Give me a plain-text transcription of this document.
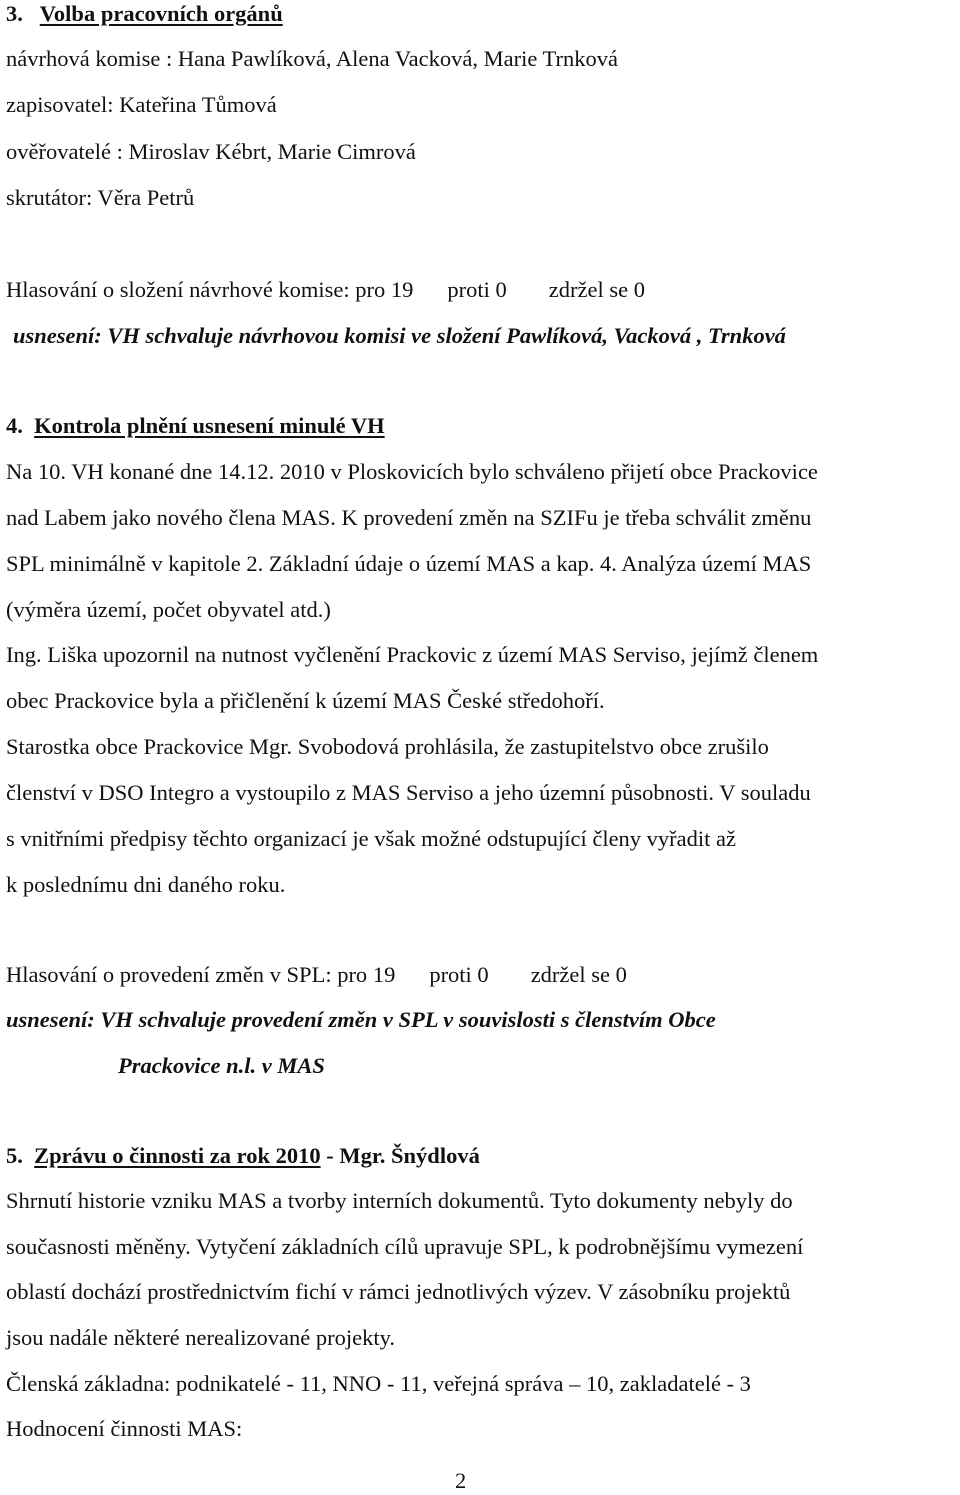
3. Volba pracovních orgánů
návrhová komise : Hana Pawlíková, Alena Vacková, Marie Trnková
zapisovatel: Kateřina Tůmová
ověřovatelé : Miroslav Kébrt, Marie Cimrová
skrutátor: Věra Petrů
Hlasování o složení návrhové komise: pro 19 proti 0 zdržel se 0
usnesení: VH schvaluje návrhovou komisi ve složení Pawlíková, Vacková , Trnková
4. Kontrola plnění usnesení minulé VH
Na 10. VH konané dne 14.12. 2010 v Ploskovicích bylo schváleno přijetí obce Prackovice
nad Labem jako nového člena MAS. K provedení změn na SZIFu je třeba schválit změnu
SPL minimálně v kapitole 2. Základní údaje o území MAS a kap. 4. Analýza území MAS
(výměra území, počet obyvatel atd.)
Ing. Liška upozornil na nutnost vyčlenění Prackovic z území MAS Serviso, jejímž členem
obec Prackovice byla a přičlenění k území MAS České středohoří.
Starostka obce Prackovice Mgr. Svobodová prohlásila, že zastupitelstvo obce zrušilo
členství v DSO Integro a vystoupilo z MAS Serviso a jeho územní působnosti. V souladu
s vnitřními předpisy těchto organizací je však možné odstupující členy vyřadit až
k poslednímu dni daného roku.
Hlasování o provedení změn v SPL: pro 19 proti 0 zdržel se 0
usnesení: VH schvaluje provedení změn v SPL v souvislosti s členstvím Obce
Prackovice n.l. v MAS
5. Zprávu o činnosti za rok 2010 - Mgr. Šnýdlová
Shrnutí historie vzniku MAS a tvorby interních dokumentů. Tyto dokumenty nebyly do
současnosti měněny. Vytyčení základních cílů upravuje SPL, k podrobnějšímu vymezení
oblastí dochází prostřednictvím fichí v rámci jednotlivých výzev. V zásobníku projektů
jsou nadále některé nerealizované projekty.
Členská základna: podnikatelé - 11, NNO - 11, veřejná správa – 10, zakladatelé - 3
Hodnocení činnosti MAS:
2
